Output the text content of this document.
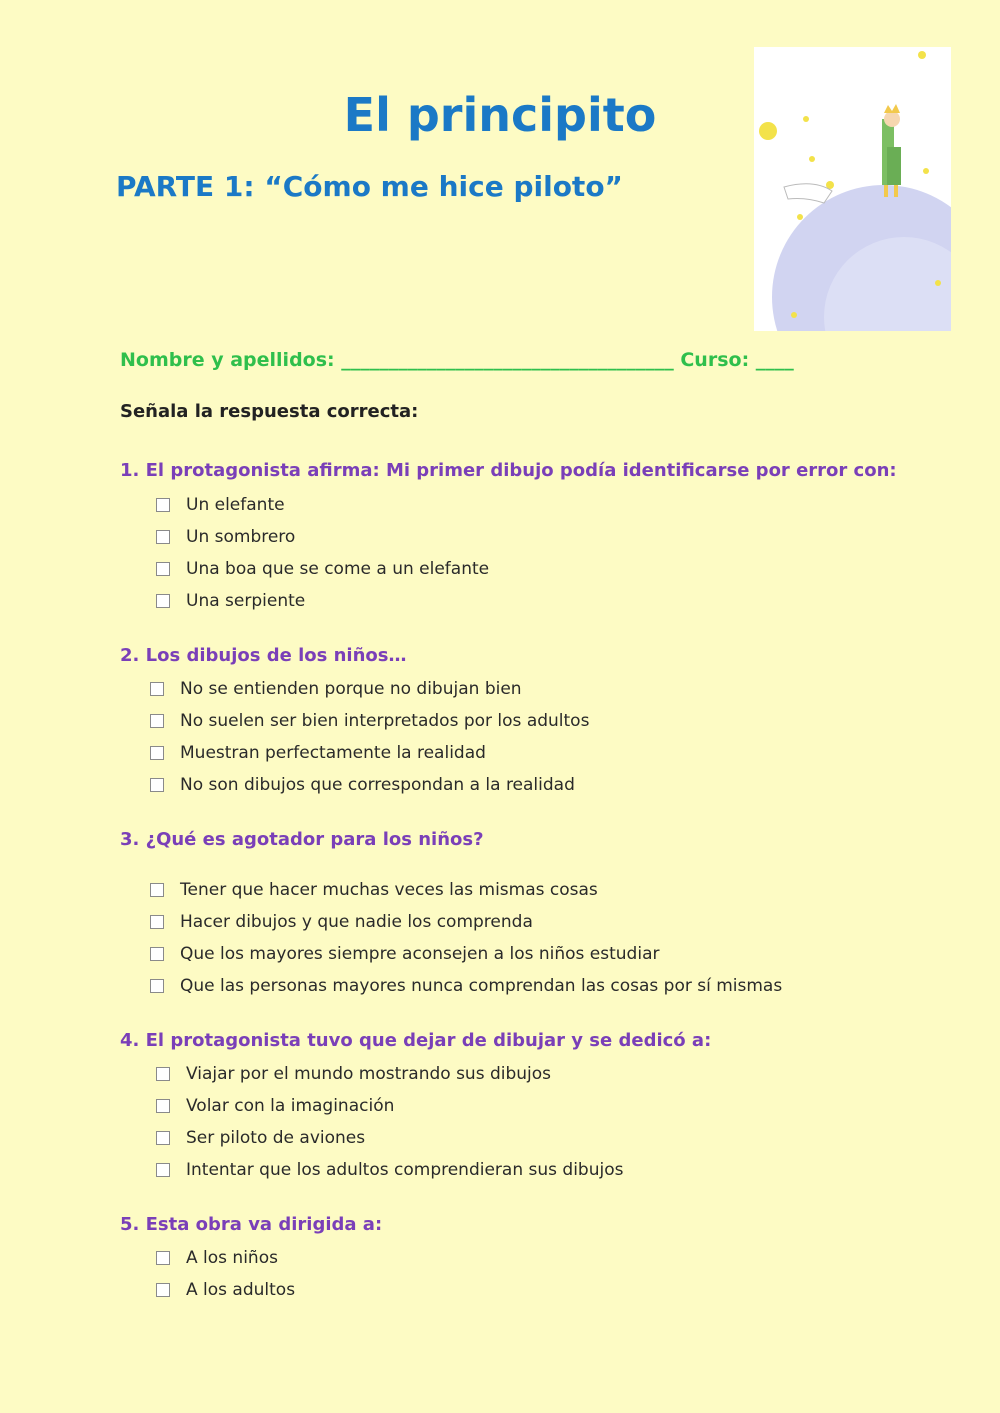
El principito
PARTE 1: “Cómo me hice piloto”
Nombre y apellidos: ___________________________________ Curso: ____

Señala la respuesta correcta:

1. El protagonista afirma: Mi primer dibujo podía identificarse por error con:

Un elefante
Un sombrero
Una boa que se come a un elefante
Una serpiente

2. Los dibujos de los niños…

No se entienden porque no dibujan bien
No suelen ser bien interpretados por los adultos
Muestran perfectamente la realidad
No son dibujos que correspondan a la realidad

3. ¿Qué es agotador para los niños?

Tener que hacer muchas veces las mismas cosas
Hacer dibujos y que nadie los comprenda
Que los mayores siempre aconsejen a los niños estudiar
Que las personas mayores nunca comprendan las cosas por sí mismas

4. El protagonista tuvo que dejar de dibujar y se dedicó a:

Viajar por el mundo mostrando sus dibujos
Volar con la imaginación
Ser piloto de aviones
Intentar que los adultos comprendieran sus dibujos

5. Esta obra va dirigida a:

A los niños
A los adultos
